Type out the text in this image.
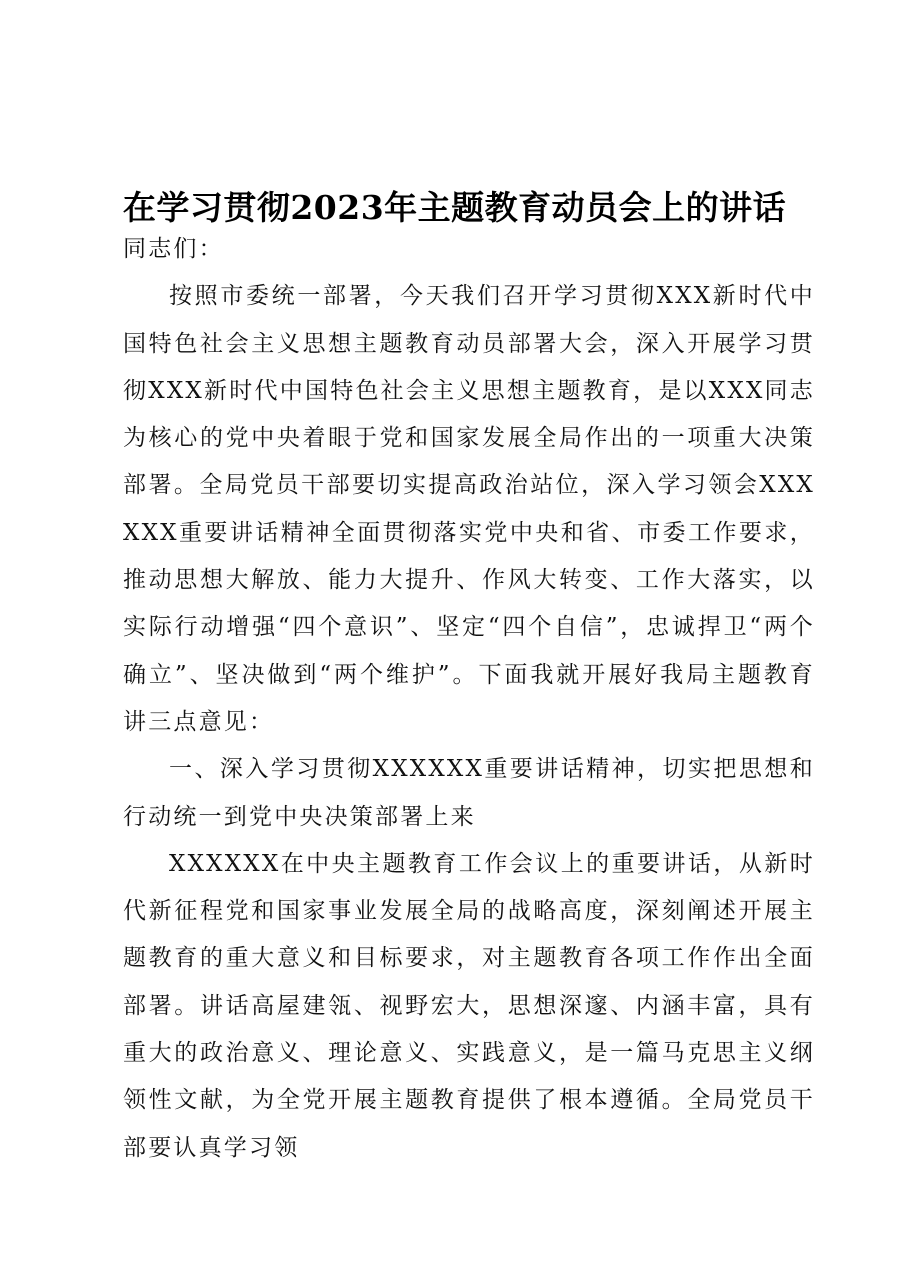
在学习贯彻2023年主题教育动员会上的讲话

同志们：

按照市委统一部署，今天我们召开学习贯彻XXX新时代中国特色社会主义思想主题教育动员部署大会，深入开展学习贯彻XXX新时代中国特色社会主义思想主题教育，是以XXX同志为核心的党中央着眼于党和国家发展全局作出的一项重大决策部署。全局党员干部要切实提高政治站位，深入学习领会XXXXXX重要讲话精神全面贯彻落实党中央和省、市委工作要求，推动思想大解放、能力大提升、作风大转变、工作大落实，以实际行动增强“四个意识”、坚定“四个自信”，忠诚捍卫“两个确立”、坚决做到“两个维护”。下面我就开展好我局主题教育讲三点意见：

一、深入学习贯彻XXXXXX重要讲话精神，切实把思想和行动统一到党中央决策部署上来

XXXXXX在中央主题教育工作会议上的重要讲话，从新时代新征程党和国家事业发展全局的战略高度，深刻阐述开展主题教育的重大意义和目标要求，对主题教育各项工作作出全面部署。讲话高屋建瓴、视野宏大，思想深邃、内涵丰富，具有重大的政治意义、理论意义、实践意义，是一篇马克思主义纲领性文献，为全党开展主题教育提供了根本遵循。全局党员干部要认真学习领
